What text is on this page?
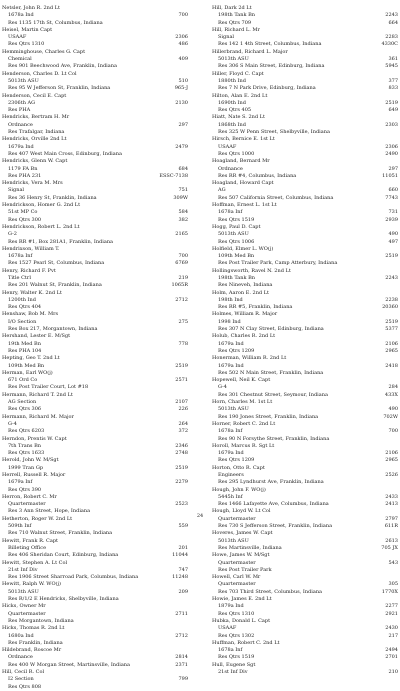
Netsler, John R. 2nd Lt
1678a Ind	700
Res 1135 17th St, Columbus, Indiana
Heisel, Martin Capt
USAAF	2306
Res Qtrs 1310	486
Hemminghouse, Charles G. Capt
Chemical	409
Res 901 Beechwood Ave, Franklin, Indiana
Henderson, Charles D. Lt Col
5013th ASU	510
Res 95 W Jefferson St, Franklin, Indiana	965-J
Henderson, Cecil E. Capt
2306th AG	2130
Res PHA
Hendricks, Bertram H. Mr
Ordnance	297
Res Trafalgar, Indiana
Hendricks, Orville 2nd Lt
1679a Ind	2479
Res 407 West Main Cross, Edinburg, Indiana
Hendricks, Glenn W. Capt
1179 FA Bn	684
Res PHA 231	ESSC-7138
Hendricks, Vera M. Mrs
Signal	751
Res 36 Henry St, Franklin, Indiana	309W
Hendrickson, Homer G. 2nd Lt
51st MP Co	584
Res Qtrs 300	382
Hendrickson, Robert L. 2nd Lt
G-2	2165
Res RR #1, Box 281A1, Franklin, Indiana
Hendrixson, William T.
1678a Inf	700
Res 1527 Pearl St, Columbus, Indiana	6769
Henry, Richard F. Pvt
Title Ctrl	219
Res 201 Walnut St, Franklin, Indiana	1065R
Henry, Walter K. 2nd Lt
1200th Ind	2712
Res Qtrs 404
Henshaw, Bob M. Mrs
I/O Section	275
Res Box 217, Morgantown, Indiana
Hershand, Lester E. M/Sgt
19th Med Bn	778
Res PHA 104
Hepting, Geo T. 2nd Lt
109th Med Bn	2519
Herman, Earl WO(j)
671 Ord Co	2571
Res Post Trailer Court, Lot #18
Hermann, Richard T. 2nd Lt
AG Section	2107
Res Qtrs 306	226
Hermann, Richard M. Major
G-4	264
Res Qtrs 6203	372
Herndon, Prentis W. Capt
7th Trans Bn	2346
Res Qtrs 1633	2748
Herold, John W. M/Sgt
1999 Tran Gp	2519
Herrell, Russell R. Major
1679a Inf	2279
Res Qtrs 390
Herron, Robert C. Mr
Quartermaster	2523
Res 3 Ann Street, Hope, Indiana
Hetherton, Roger W. 2nd Lt
509th Inf	559
Res 710 Walnut Street, Franklin, Indiana
Hewitt, Frank R. Capt
Billeting Office	201
Res 406 Sheridan Court, Edinburg, Indiana	11044
Hewitt, Stephen A. Lt Col
21st Inf Div	747
Res 1906 Street Sharroad Park, Columbus, Indiana	11248
Hewitt, Ralph W. WO(j)
5013th ASU	209
Res R/1/2 E Hendricks, Shelbyville, Indiana
Hicks, Owner Mr
Quartermaster	2711
Res Morgantown, Indiana
Hicks, Thomas R. 2nd Lt
1680a Ind	2712
Res Franklin, Indiana
Hildebrand, Roscoe Mr
Ordnance	2814
Res 400 W Morgan Street, Martinsville, Indiana	2371
Hill, Cecil R. Col
I2 Section	799
Res Qtrs 808
Hill, Dark 2d Lt
198th Tank Bn	2243
Res Qtrs 709	664
Hill, Richard L. Mr
Signal	2283
Res 142 1 4th Street, Columbus, Indiana	4330C
Hillerbrand, Richard L. Major
5013th ASU	361
Res 306 S Main Street, Edinburg, Indiana	5945
Hiller, Floyd C. Capt
1880th Ind	377
Res 7 N Park Drive, Edinburg, Indiana	833
Hilton, Alan E. 2nd Lt
1690th Ind	2519
Res Qtrs 405	649
Hiatt, Nate S. 2nd Lt
1868th Ind	2303
Res 325 W Penn Street, Shelbyville, Indiana
Hirsch, Bernice E. 1st Lt
USAAF	2306
Res Qtrs 1000	2490
Hoagland, Bernard Mr
Ordnance	297
Res RR #4, Columbus, Indiana	11051
Hoagland, Howard Capt
AG	660
Res 507 California Street, Columbus, Indiana	7743
Hoffman, Ernest L. 1st Lt
1678a Inf	731
Res Qtrs 1519	2939
Hogg, Paul D. Capt
5013th ASU	490
Res Qtrs 1006	497
Holfield, Elmer L. WO(j)
109th Med Bn	2519
Res Post Trailer Park, Camp Atterbury, Indiana
Hollingsworth, Ravel N. 2nd Lt
198th Tank Bn	2243
Res Nineveh, Indiana
Holm, Aaron E. 2nd Lt
198th Ind	2238
Res RR #5, Franklin, Indiana	20360
Holmes, William R. Major
1998 Ind	2519
Res 307 N Clay Street, Edinburg, Indiana	5377
Holub, Charles R. 2nd Lt
1679a Ind	2106
Res Qtrs 1209	2965
Honerman, William R. 2nd Lt
1679a Ind	2418
Res 502 N Main Street, Franklin, Indiana
Hopewell, Neil K. Capt
G-4	284
Res 301 Chestnut Street, Seymour, Indiana	433X
Horn, Charles M. 1st Lt
5013th ASU	490
Res 190 Jones Street, Franklin, Indiana	702W
Horner, Robert C. 2nd Lt
1678a Inf	700
Res 90 N Forsythe Street, Franklin, Indiana
Horoll, Marcus R. Sgt Lt
1679a Ind	2106
Res Qtrs 1209	2965
Horton, Otto R. Capt
Engineers	2526
Res 295 Lyndhurst Ave, Franklin, Indiana
Hough, John F. WO(j)
5445h Inf	2433
Res 1466 Lafayette Ave, Columbus, Indiana	2413
Hough, Lloyd W. Lt Col
Quartermaster	2797
Res 730 S Jefferson Street, Franklin, Indiana	611R
Hoveres, James W. Capt
5013th ASU	2613
Res Martinsville, Indiana	705 JX
Howe, James W. M/Sgt
Quartermaster	543
Res Post Trailer Park
Howell, Carl W. Mr
Quartermaster	305
Res 703 Third Street, Columbus, Indiana	1770X
Howie, James E. 2nd Lt
1879a Ind	2277
Res Qtrs 1310	2921
Hubka, Donald L. Capt
USAAF	2430
Res Qtrs 1302	217
Huffman, Robert C. 2nd Lt
1678a Inf	2494
Res Qtrs 1519	2701
Hull, Eugene Sgt
21st Inf Div	210
24
